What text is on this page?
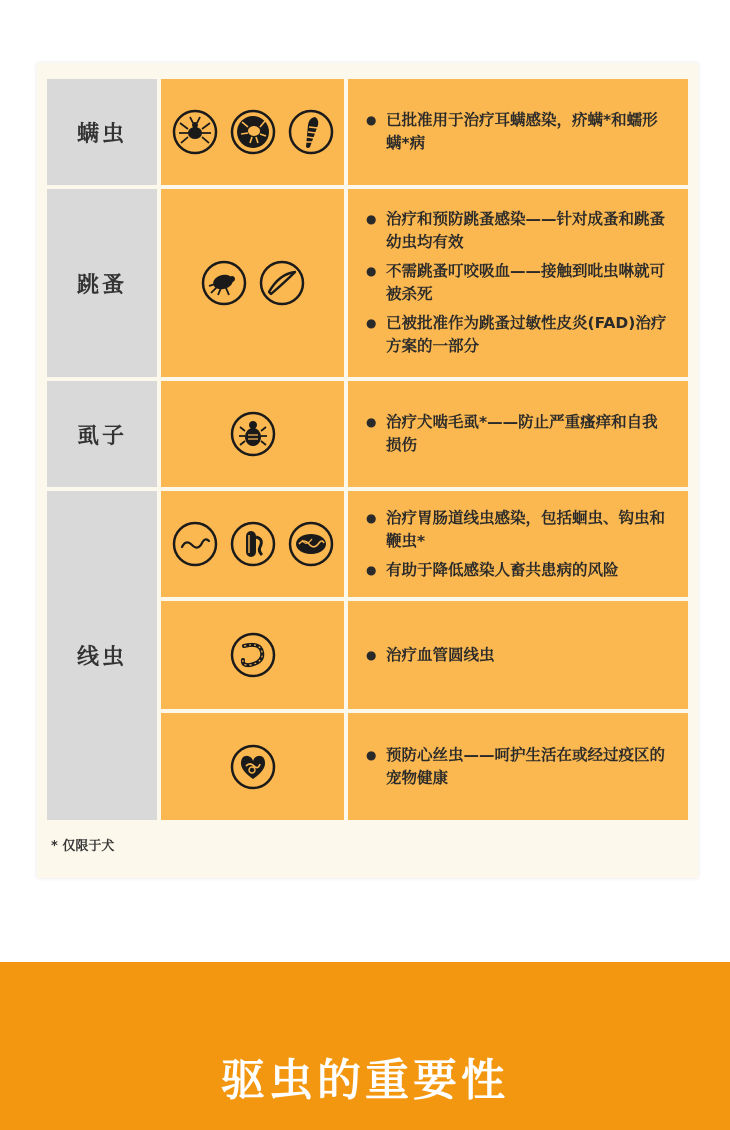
螨虫
● 已批准用于治疗耳螨感染，疥螨*和蠕形螨*病
跳蚤
● 治疗和预防跳蚤感染——针对成蚤和跳蚤幼虫均有效
● 不需跳蚤叮咬吸血——接触到吡虫啉就可被杀死
● 已被批准作为跳蚤过敏性皮炎(FAD)治疗方案的一部分
虱子
● 治疗犬啮毛虱*——防止严重瘙痒和自我损伤
线虫
● 治疗胃肠道线虫感染，包括蛔虫、钩虫和鞭虫*
● 有助于降低感染人畜共患病的风险
● 治疗血管圆线虫
● 预防心丝虫——呵护生活在或经过疫区的宠物健康
* 仅限于犬
驱虫的重要性
